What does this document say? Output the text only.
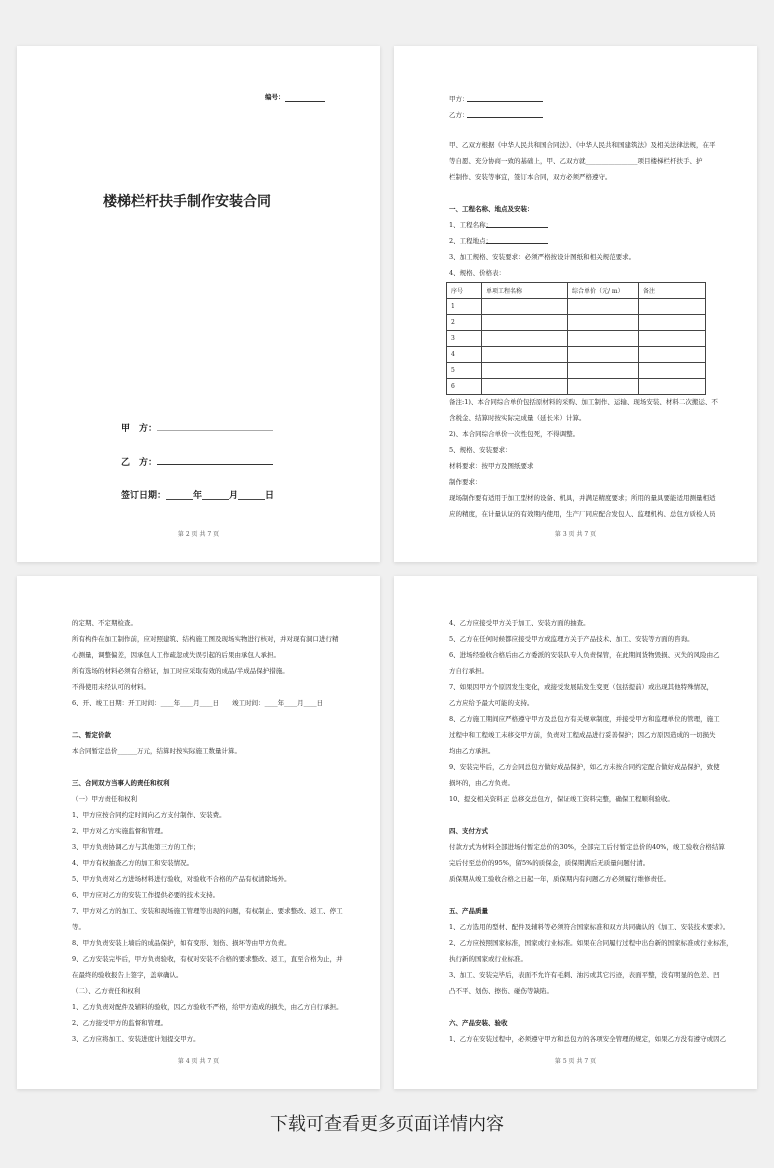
编号：
楼梯栏杆扶手制作安装合同
甲　方：
乙　方：
签订日期：______年______月______日
第 2 页 共 7 页
甲方：
乙方：
甲、乙双方根据《中华人民共和国合同法》、《中华人民共和国建筑法》及相关法律法规，在平
等自愿、充分协商一致的基础上，甲、乙双方就________________项目楼梯栏杆扶手、护
栏制作、安装等事宜，签订本合同，双方必须严格遵守。
一、工程名称、地点及安装：
1、工程名称：
2、工程地点：
3、加工规格、安装要求：必须严格按设计图纸和相关规范要求。
4、规格、价格表：
序号	单项工程名称	综合单价（元/ m）	备注
1			
2			
3			
4			
5			
6			
备注:1)、本合同综合单价包括原材料的采购、加工制作、运输、现场安装、材料二次搬运、不
含税金、结算时按实际完成量（延长米）计算。
2)、本合同综合单价一次性包死，不得调整。
5、规格、安装要求：
材料要求：按甲方及图纸要求
制作要求：
现场制作要有适用于加工型材的设备、机具，并满足精度要求；所用的量具要能适用测量相适
应的精度，在计量认证的有效期内使用，生产厂同应配合发包人、监理机构、总包方质检人员
第 3 页 共 7 页
的定期、不定期检查。
所有构件在加工制作前，应对照建筑、结构施工图及现场实物进行核对，并对现有洞口进行精
心测量，调整偏差，因承包人工作疏忽或失误引起的后果由承包人承担。
所有选场的材料必须有合格证，加工时应采取有效的成品/半成品保护措施。
不得使用未经认可的材料。
6、开、竣工日期：开工时间：____年____月____日　　竣工时间：____年____月____日
二、暂定价款
本合同暂定总价______万元，结算时按实际施工数量计算。
三、合同双方当事人的责任和权利
（一）甲方责任和权利
1、甲方应按合同约定时间向乙方支付制作、安装费。
2、甲方对乙方实施监督和管理。
3、甲方负责协调乙方与其他第三方的工作；
4、甲方有权抽查乙方的加工和安装情况。
5、甲方负责对乙方进场材料进行验收，对验收不合格的产品有权清除场外。
6、甲方应对乙方的安装工作提供必要的技术支持。
7、甲方对乙方的加工、安装和现场施工管理等出现的问题，有权制止、要求整改、返工、停工
等。
8、甲方负责安装上墙后的成品保护，如有变形、划伤、损坏等由甲方负责。
9、乙方安装完毕后，甲方负责验收，有权对安装不合格的要求整改、返工，直至合格为止，并
在最终的验收报告上签字，盖章确认。
（二）、乙方责任和权利
1、乙方负责对配件及辅料的验收，因乙方验收不严格，给甲方造成的损失，由乙方自行承担。
2、乙方接受甲方的监督和管理。
3、乙方应将加工、安装进度计划提交甲方。
第 4 页 共 7 页
4、乙方应接受甲方关于加工、安装方面的抽查。
5、乙方在任何时候都应接受甲方或监理方关于产品技术、加工、安装等方面的咨询。
6、进场经验收合格后由乙方委派的安装队专人负责保管，在此期间货物毁损、灭失的风险由乙
方自行承担。
7、如果因甲方个原因发生变化，或接受发展陆发生变更（包括提前）或出现其他特殊情况，
乙方应给予最大可能的支持。
8、乙方施工期间应严格遵守甲方及总包方有关规章制度，并接受甲方和监理单位的管理，施工
过程中和工程竣工未移交甲方前，负责对工程成品进行妥善保护；因乙方原因造成的一切损失
均由乙方承担。
9、安装完毕后，乙方会同总包方做好成品保护，如乙方未按合同约定配合做好成品保护，致使
损坏的，由乙方负责。
10、提交相关资料正 总移交总包方，保证竣工资料完整，确保工程顺利验收。
四、支付方式
付款方式为材料全部进场付暂定总价的30%，全部完工后付暂定总价的40%，竣工验收合格结算
完后付至总价的95%，留5%的质保金，质保期满后无质量问题付清。
质保期从竣工验收合格之日起一年，质保期内有问题乙方必须履行维修责任。
五、产品质量
1、乙方选用的型材、配件及辅料等必须符合国家标准和双方共同确认的《加工、安装技术要求》。
2、乙方应按照国家标准，国家或行业标准。如果在合同履行过程中出台新的国家标准或行业标准，
执行新的国家或行业标准。
3、加工、安装完毕后，表面不允许有毛刺、油污或其它污迹，表面平整，没有明显的色差、凹
凸不平、划伤、擦伤、碰伤等缺陷。
六、产品安装、验收
1、乙方在安装过程中，必须遵守甲方和总包方的各项安全管理的规定，如果乙方没有遵守或因乙
第 5 页 共 7 页
下载可查看更多页面详情内容
